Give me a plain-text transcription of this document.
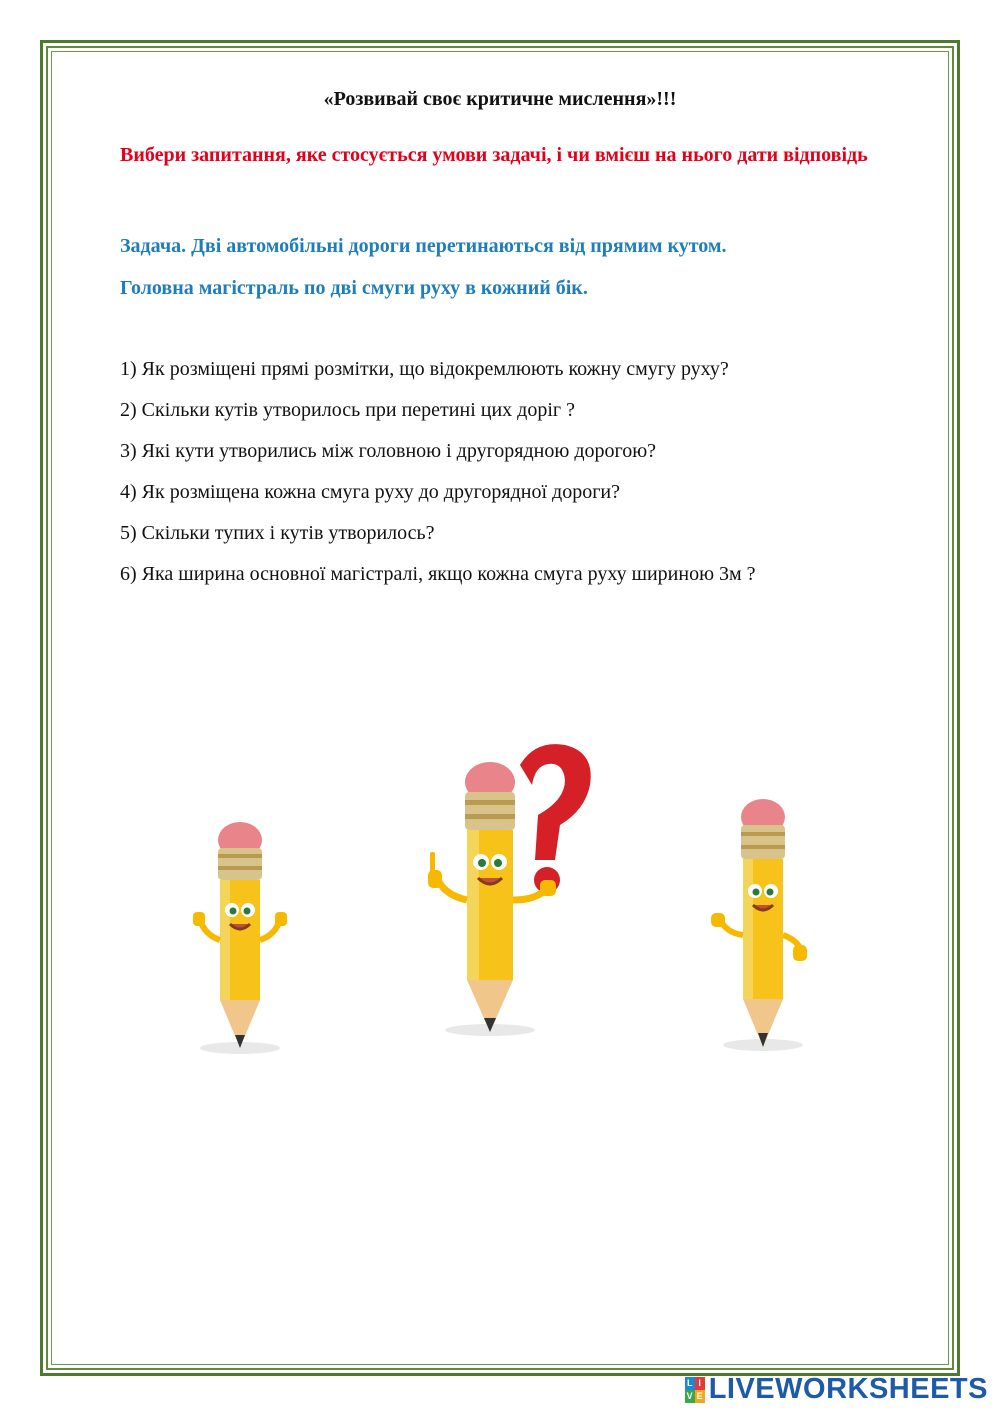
«Розвивай своє критичне мислення»!!!
Вибери запитання, яке стосується умови задачі, і чи вмієш на нього дати відповідь
Задача. Дві автомобільні дороги перетинаються від прямим кутом.
Головна магістраль по дві смуги руху в кожний бік.
1) Як розміщені прямі розмітки, що відокремлюють кожну смугу руху?
2) Скільки кутів утворилось при перетині цих доріг ?
3) Які кути утворились між головною і другорядною дорогою?
4) Як розміщена кожна смуга руху до другорядної дороги?
5) Скільки тупих і кутів утворилось?
6) Яка ширина основної магістралі, якщо кожна смуга руху шириною 3м ?
L I
V E LIVEWORKSHEETS
